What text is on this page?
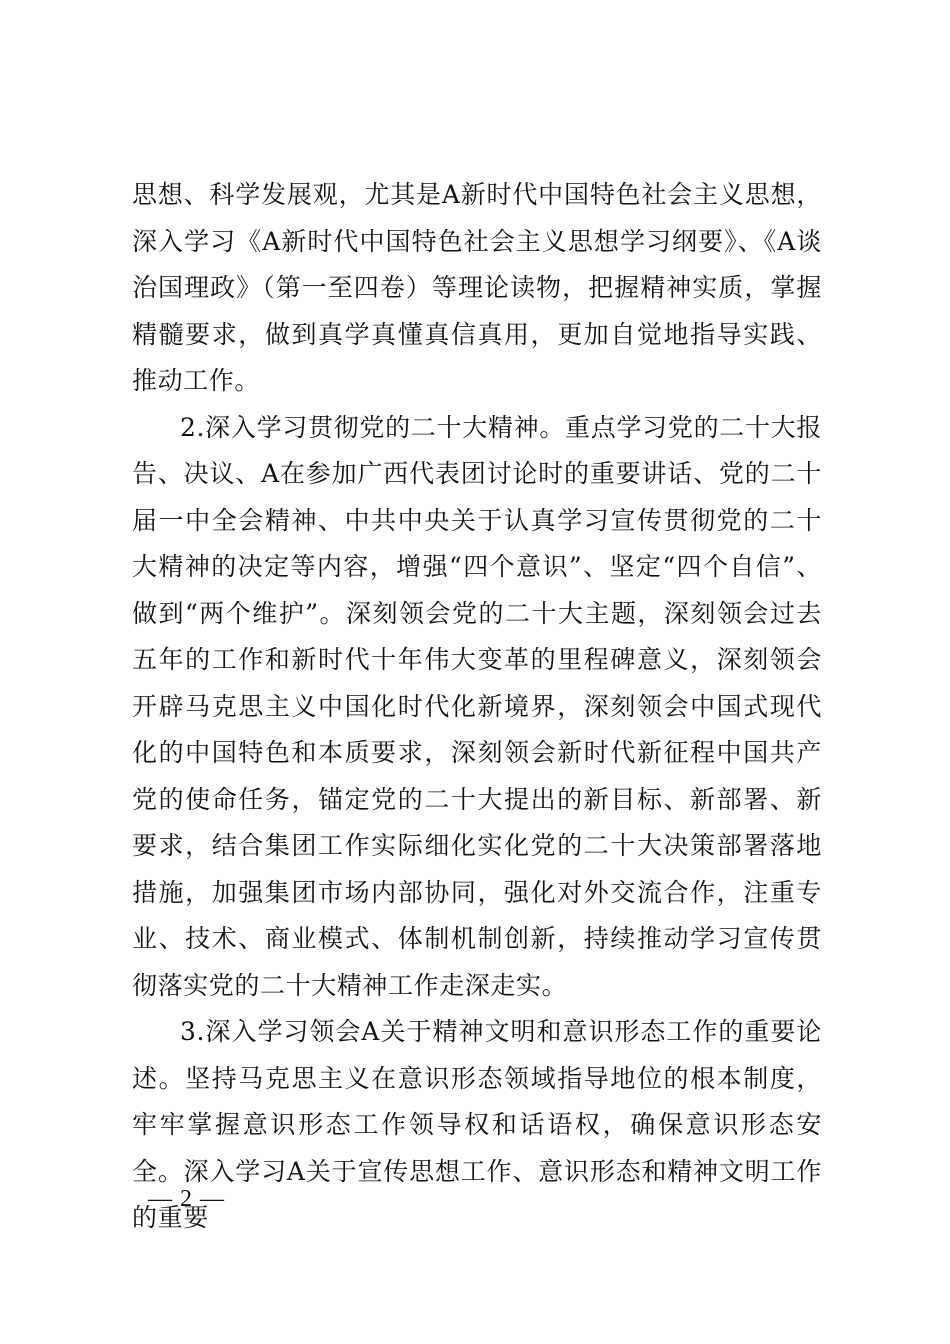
思想、科学发展观，尤其是A新时代中国特色社会主义思想，深入学习《A新时代中国特色社会主义思想学习纲要》、《A谈治国理政》（第一至四卷）等理论读物，把握精神实质，掌握精髓要求，做到真学真懂真信真用，更加自觉地指导实践、推动工作。

2.深入学习贯彻党的二十大精神。重点学习党的二十大报告、决议、A在参加广西代表团讨论时的重要讲话、党的二十届一中全会精神、中共中央关于认真学习宣传贯彻党的二十大精神的决定等内容，增强“四个意识”、坚定“四个自信”、做到“两个维护”。深刻领会党的二十大主题，深刻领会过去五年的工作和新时代十年伟大变革的里程碑意义，深刻领会开辟马克思主义中国化时代化新境界，深刻领会中国式现代化的中国特色和本质要求，深刻领会新时代新征程中国共产党的使命任务，锚定党的二十大提出的新目标、新部署、新要求，结合集团工作实际细化实化党的二十大决策部署落地措施，加强集团市场内部协同，强化对外交流合作，注重专业、技术、商业模式、体制机制创新，持续推动学习宣传贯彻落实党的二十大精神工作走深走实。

3.深入学习领会A关于精神文明和意识形态工作的重要论述。坚持马克思主义在意识形态领域指导地位的根本制度，牢牢掌握意识形态工作领导权和话语权，确保意识形态安全。深入学习A关于宣传思想工作、意识形态和精神文明工作的重要

— 2 —
